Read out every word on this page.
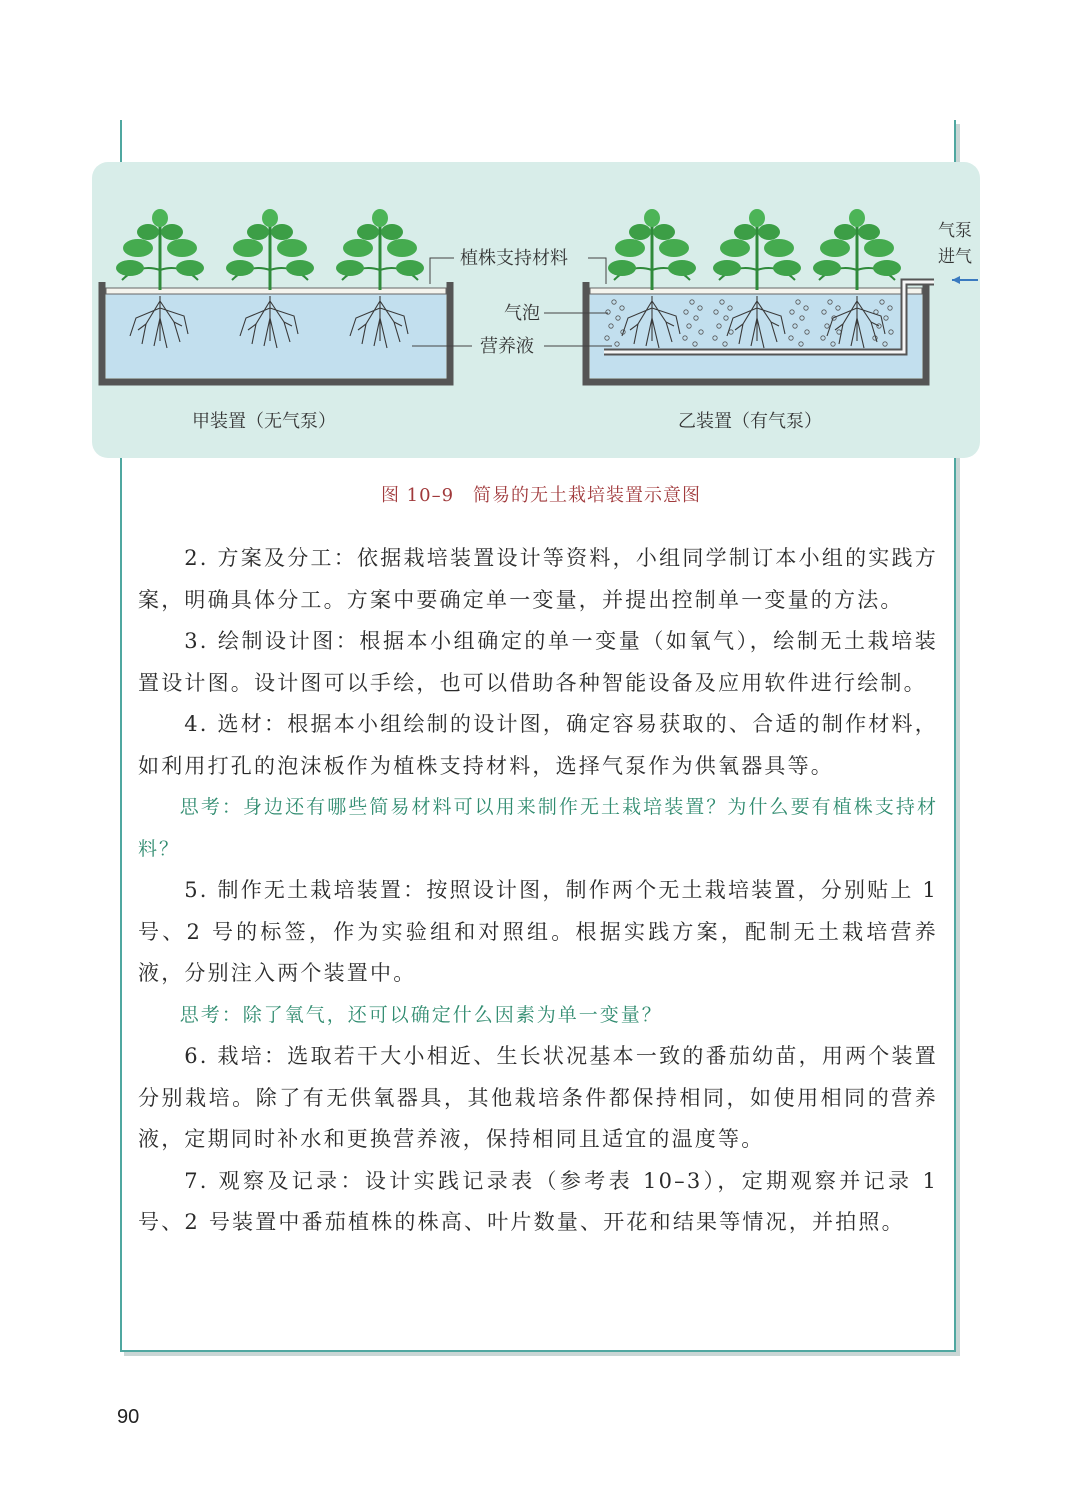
植株支持材料
气泡
营养液
气泵
进气
甲装置（无气泵）	乙装置（有气泵）
图 10–9　简易的无土栽培装置示意图

2. 方案及分工：依据栽培装置设计等资料，小组同学制订本小组的实践方案，明确具体分工。方案中要确定单一变量，并提出控制单一变量的方法。

3. 绘制设计图：根据本小组确定的单一变量（如氧气），绘制无土栽培装置设计图。设计图可以手绘，也可以借助各种智能设备及应用软件进行绘制。

4. 选材：根据本小组绘制的设计图，确定容易获取的、合适的制作材料，如利用打孔的泡沫板作为植株支持材料，选择气泵作为供氧器具等。

思考：身边还有哪些简易材料可以用来制作无土栽培装置？为什么要有植株支持材料？

5. 制作无土栽培装置：按照设计图，制作两个无土栽培装置，分别贴上 1 号、2 号的标签，作为实验组和对照组。根据实践方案，配制无土栽培营养液，分别注入两个装置中。

思考：除了氧气，还可以确定什么因素为单一变量？

6. 栽培：选取若干大小相近、生长状况基本一致的番茄幼苗，用两个装置分别栽培。除了有无供氧器具，其他栽培条件都保持相同，如使用相同的营养液，定期同时补水和更换营养液，保持相同且适宜的温度等。

7. 观察及记录：设计实践记录表（参考表 10–3），定期观察并记录 1 号、2 号装置中番茄植株的株高、叶片数量、开花和结果等情况，并拍照。

90
